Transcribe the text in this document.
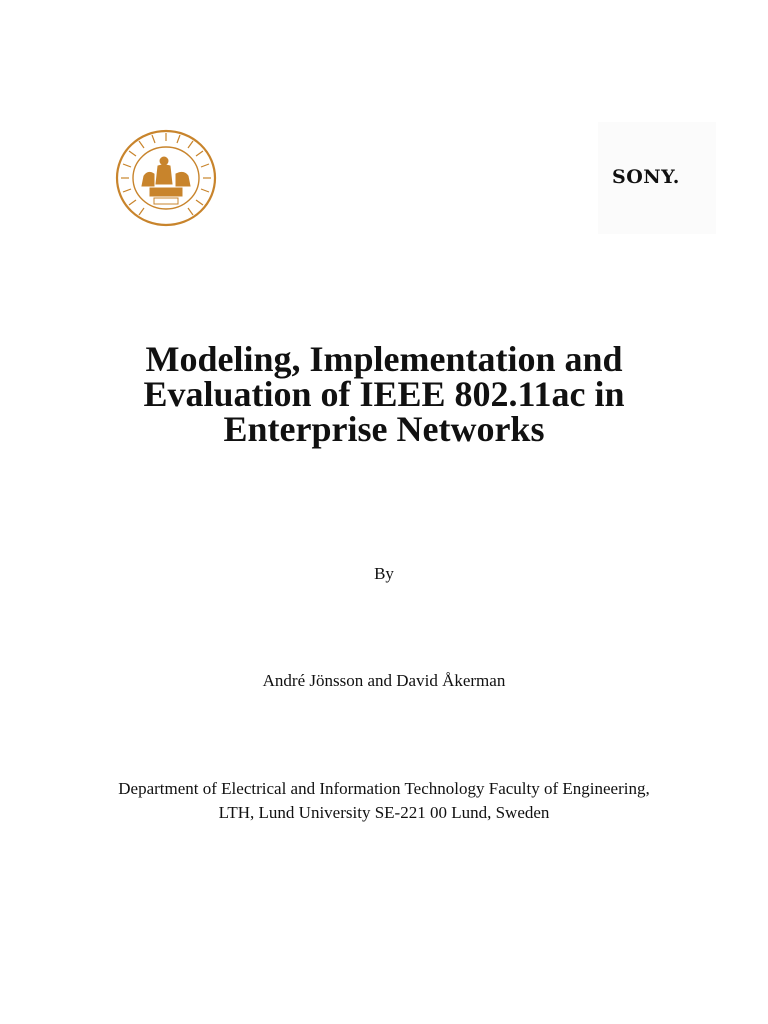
SONY.
Modeling, Implementation and Evaluation of IEEE 802.11ac in Enterprise Networks
By
André Jönsson and David Åkerman
Department of Electrical and Information Technology Faculty of Engineering, LTH, Lund University SE-221 00 Lund, Sweden
